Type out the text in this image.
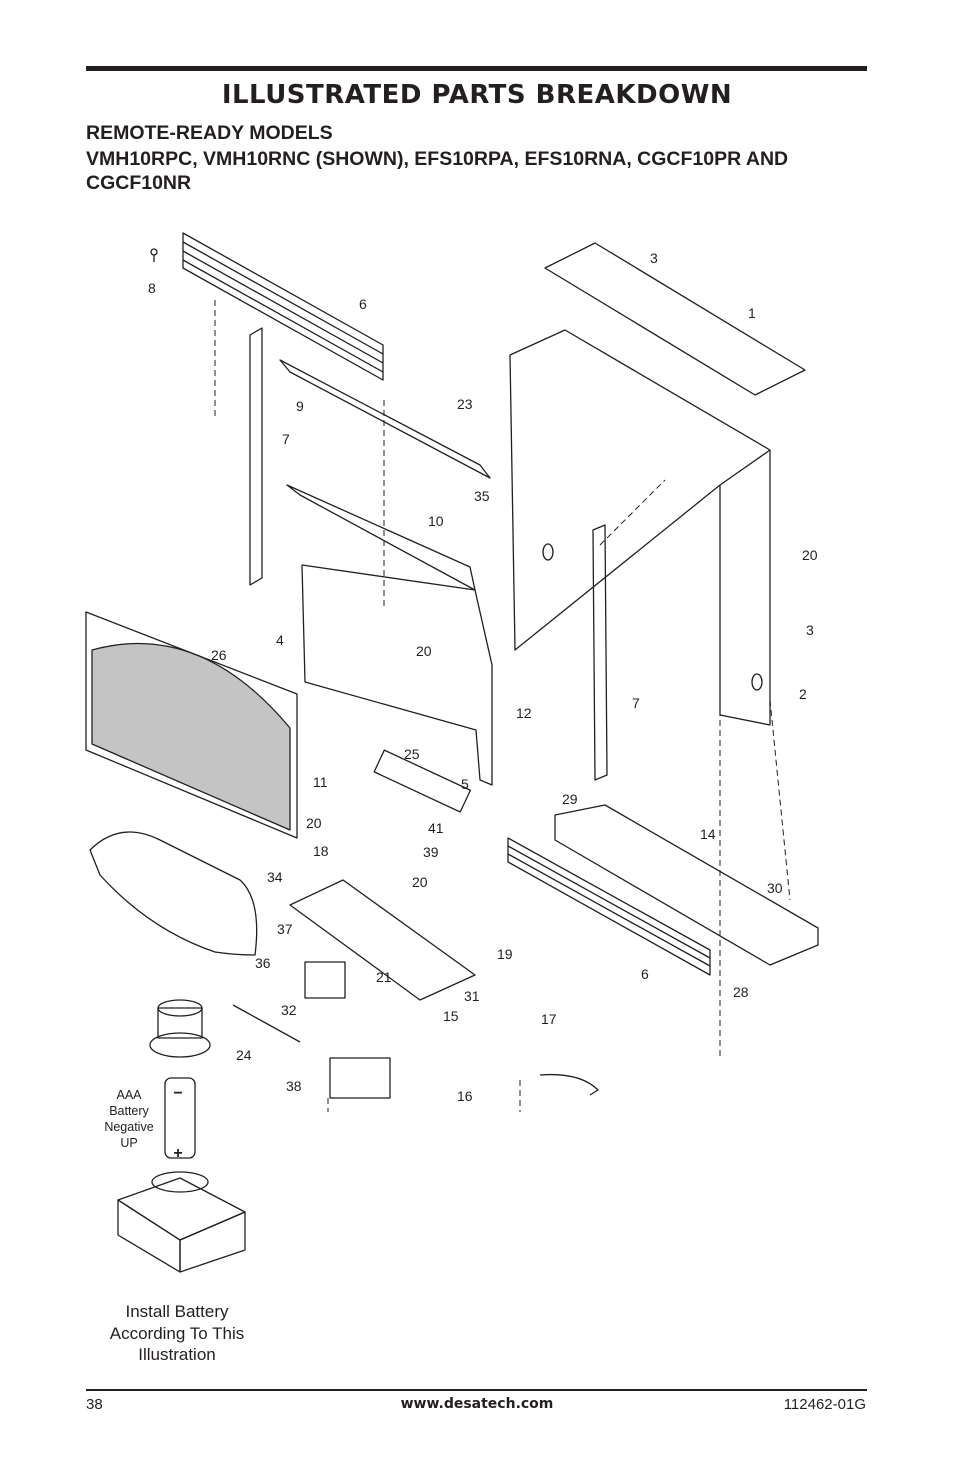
ILLUSTRATED PARTS BREAKDOWN
REMOTE-READY MODELS
VMH10RPC, VMH10RNC (SHOWN), EFS10RPA, EFS10RNA, CGCF10PR AND CGCF10NR
−
+
8
6
3
1
7
9	23
35
10
20
4
3
26
2
20
12
7
25
11	5
29
14
20	41
18	39
34	20	30
37
19
36
21
31
6
28
32	15	17
24
38
16
AAA
Battery
Negative
UP
Install Battery According To This Illustration
38	www.desatech.com	112462-01G
